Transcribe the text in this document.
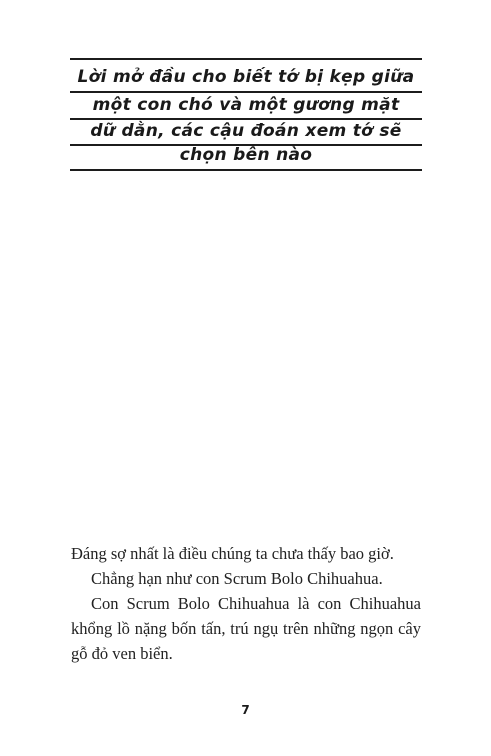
Lời mở đầu cho biết tớ bị kẹp giữa
một con chó và một gương mặt
dữ dằn, các cậu đoán xem tớ sẽ
chọn bên nào

Đáng sợ nhất là điều chúng ta chưa thấy bao giờ.

Chẳng hạn như con Scrum Bolo Chihuahua.

Con Scrum Bolo Chihuahua là con Chihuahua khổng lồ nặng bốn tấn, trú ngụ trên những ngọn cây gỗ đỏ ven biển.

7
